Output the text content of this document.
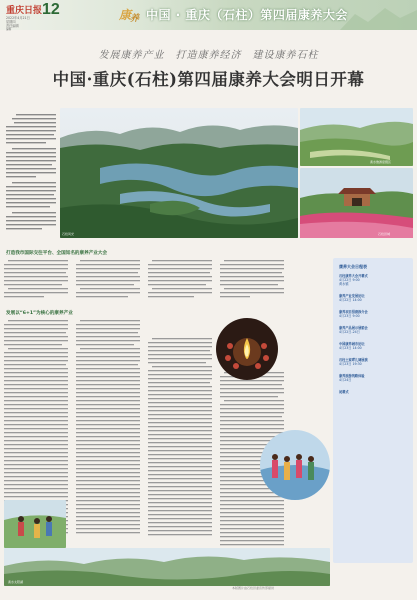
重庆日报 12
2022年4月21日
星期四
责任编辑
编辑
康
养 中国 · 重庆（石柱）第四届康养大会
发展康养产业　打造康养经济　建设康养石柱
中国·重庆(石柱)第四届康养大会明日开幕
石柱风光
黄水旅游度假区
石柱县城
打造我市国际交往平台、全国知名的康养产业大会
发展以“6+1”为核心的康养产业
黄水太阳湖
康养大会日程表
石柱康养大会开幕式
4月22日 9:00
黄水镇
康养产业发展论坛
4月22日 14:00
康养项目招商推介会
4月23日 9:00
康养产品展示展销会
4月22日-24日
中国康养城市论坛
4月23日 14:00
石柱土家啰儿调展演
4月23日 19:30
康养旅游线路体验
4月24日
闭幕式
本版图片由石柱县委宣传部提供
